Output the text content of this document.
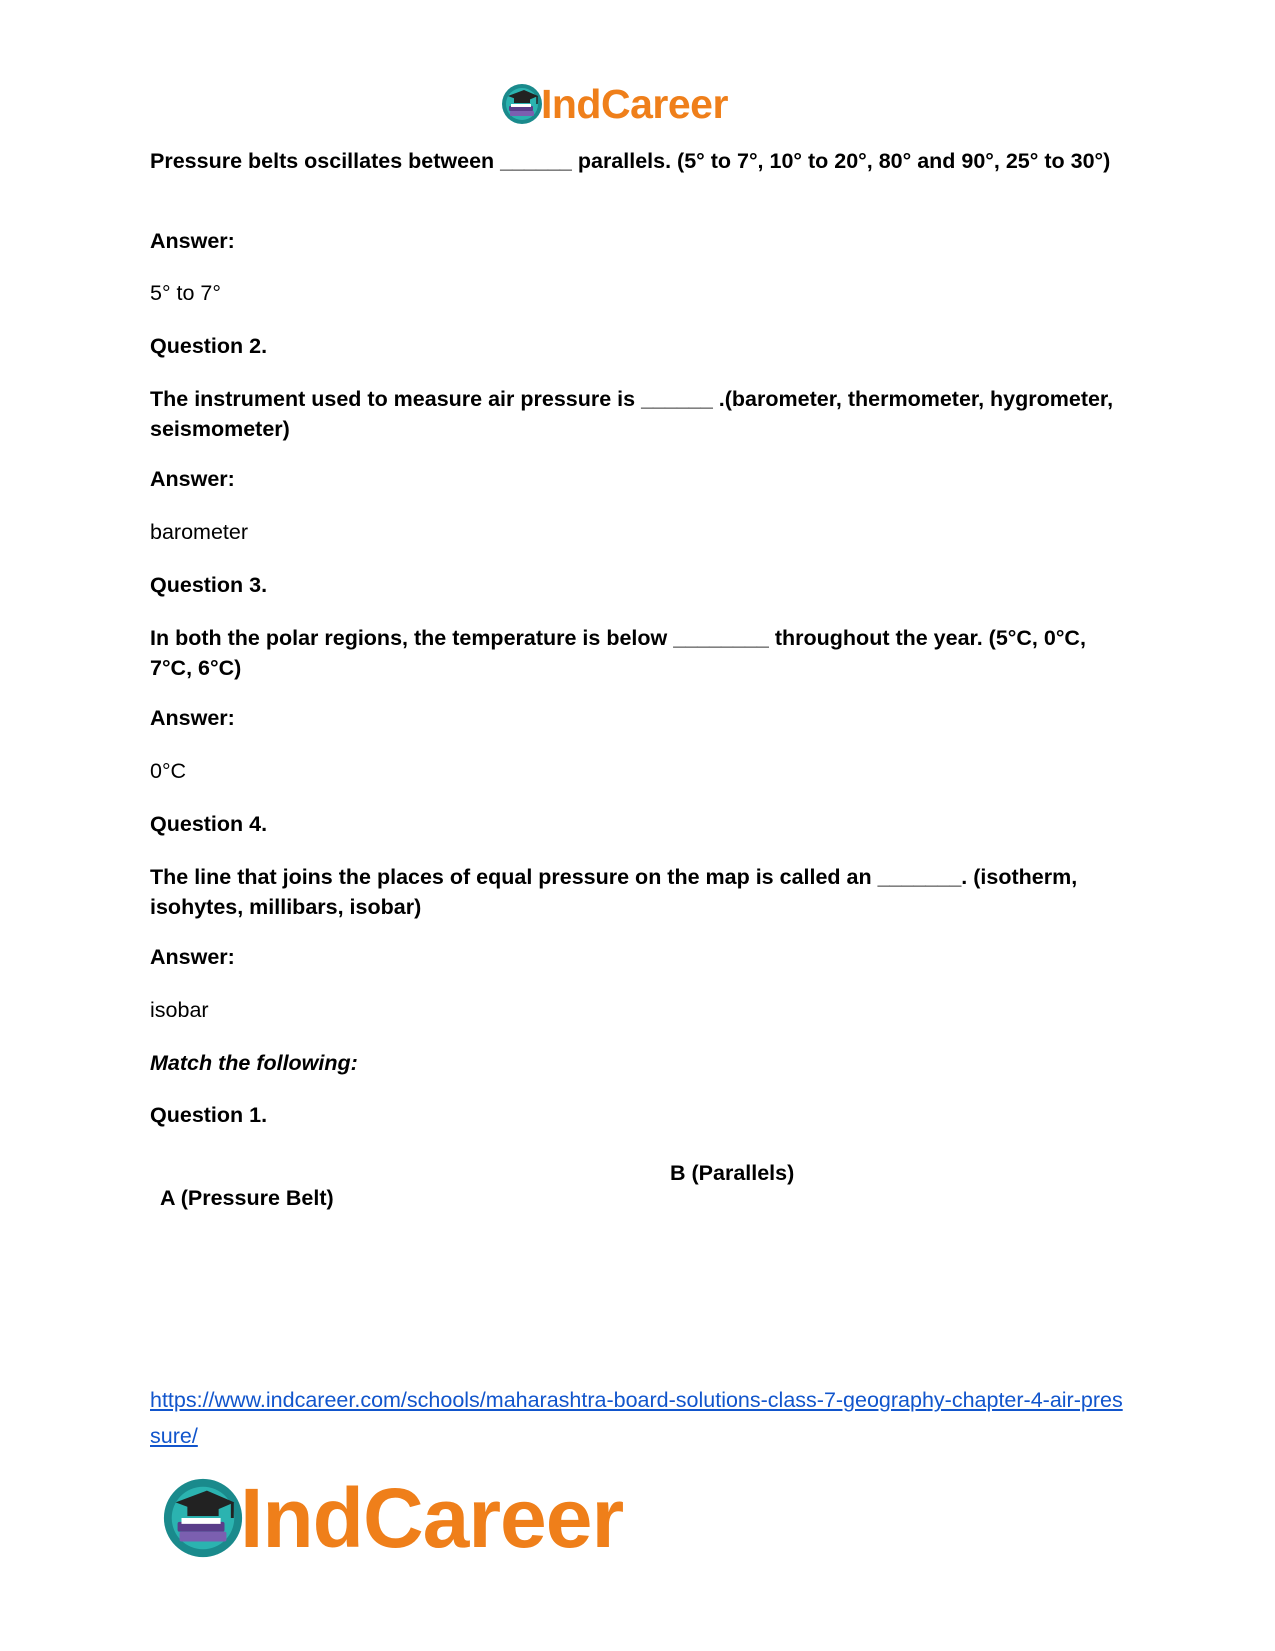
IndCareer

Pressure belts oscillates between ______ parallels. (5° to 7°, 10° to 20°, 80° and 90°, 25° to 30°)

Answer:

5° to 7°

Question 2.

The instrument used to measure air pressure is ______ .(barometer, thermometer, hygrometer, seismometer)

Answer:

barometer

Question 3.

In both the polar regions, the temperature is below ________ throughout the year. (5°C, 0°C, 7°C, 6°C)

Answer:

0°C

Question 4.

The line that joins the places of equal pressure on the map is called an _______. (isotherm, isohytes, millibars, isobar)

Answer:

isobar

Match the following:

Question 1.

A (Pressure Belt)
B (Parallels)
https://www.indcareer.com/schools/maharashtra-board-solutions-class-7-geography-chapter-4-air-pressure/
IndCareer
